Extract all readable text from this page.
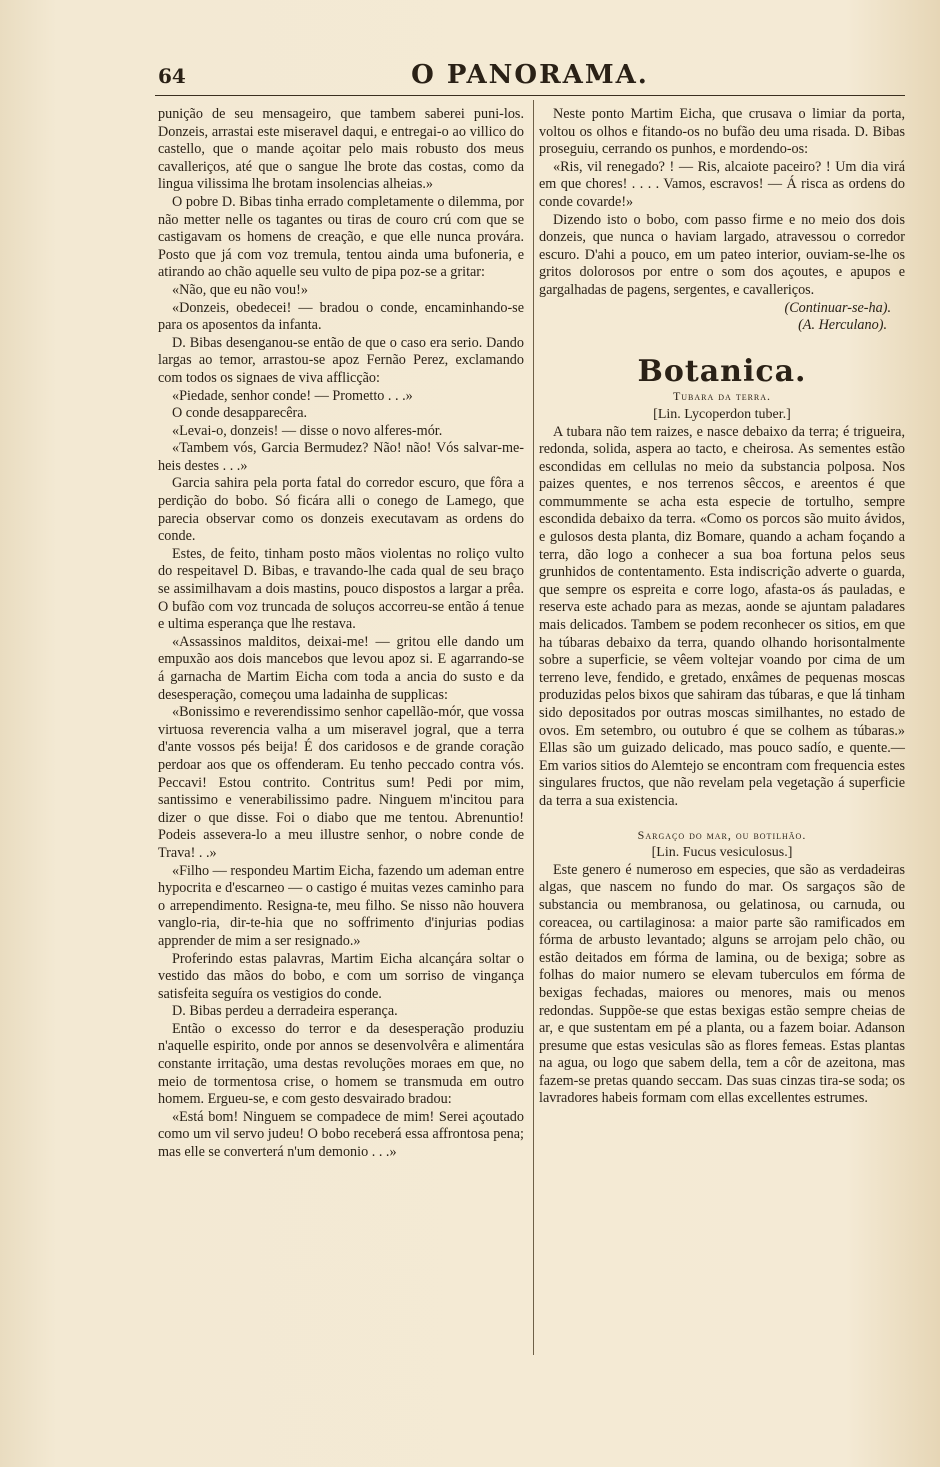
64	O PANORAMA.

punição de seu mensageiro, que tambem saberei puni-los. Donzeis, arrastai este miseravel daqui, e entregai-o ao villico do castello, que o mande açoitar pelo mais robusto dos meus cavalleriços, até que o sangue lhe brote das costas, como da lingua vilissima lhe brotam insolencias alheias.»

O pobre D. Bibas tinha errado completamente o dilemma, por não metter nelle os tagantes ou tiras de couro crú com que se castigavam os homens de creação, e que elle nunca provára. Posto que já com voz tremula, tentou ainda uma bufoneria, e atirando ao chão aquelle seu vulto de pipa poz-se a gritar:

«Não, que eu não vou!»

«Donzeis, obedecei! — bradou o conde, encaminhando-se para os aposentos da infanta.

D. Bibas desenganou-se então de que o caso era serio. Dando largas ao temor, arrastou-se apoz Fernão Perez, exclamando com todos os signaes de viva afflicção:

«Piedade, senhor conde! — Prometto . . .»

O conde desapparecêra.

«Levai-o, donzeis! — disse o novo alferes-mór.

«Tambem vós, Garcia Bermudez? Não! não! Vós salvar-me-heis destes . . .»

Garcia sahira pela porta fatal do corredor escuro, que fôra a perdição do bobo. Só ficára alli o conego de Lamego, que parecia observar como os donzeis executavam as ordens do conde.

Estes, de feito, tinham posto mãos violentas no roliço vulto do respeitavel D. Bibas, e travando-lhe cada qual de seu braço se assimilhavam a dois mastins, pouco dispostos a largar a prêa. O bufão com voz truncada de soluços accorreu-se então á tenue e ultima esperança que lhe restava.

«Assassinos malditos, deixai-me! — gritou elle dando um empuxão aos dois mancebos que levou apoz si. E agarrando-se á garnacha de Martim Eicha com toda a ancia do susto e da desesperação, começou uma ladainha de supplicas:

«Bonissimo e reverendissimo senhor capellão-mór, que vossa virtuosa reverencia valha a um miseravel jogral, que a terra d'ante vossos pés beija! É dos caridosos e de grande coração perdoar aos que os offenderam. Eu tenho peccado contra vós. Peccavi! Estou contrito. Contritus sum! Pedi por mim, santissimo e venerabilissimo padre. Ninguem m'incitou para dizer o que disse. Foi o diabo que me tentou. Abrenuntio! Podeis assevera-lo a meu illustre senhor, o nobre conde de Trava! . .»

«Filho — respondeu Martim Eicha, fazendo um ademan entre hypocrita e d'escarneo — o castigo é muitas vezes caminho para o arrependimento. Resigna-te, meu filho. Se nisso não houvera vanglo-ria, dir-te-hia que no soffrimento d'injurias podias apprender de mim a ser resignado.»

Proferindo estas palavras, Martim Eicha alcançára soltar o vestido das mãos do bobo, e com um sorriso de vingança satisfeita seguíra os vestigios do conde.

D. Bibas perdeu a derradeira esperança.

Então o excesso do terror e da desesperação produziu n'aquelle espirito, onde por annos se desenvolvêra e alimentára constante irritação, uma destas revoluções moraes em que, no meio de tormentosa crise, o homem se transmuda em outro homem. Ergueu-se, e com gesto desvairado bradou:

«Está bom! Ninguem se compadece de mim! Serei açoutado como um vil servo judeu! O bobo receberá essa affrontosa pena; mas elle se converterá n'um demonio . . .»

Neste ponto Martim Eicha, que crusava o limiar da porta, voltou os olhos e fitando-os no bufão deu uma risada. D. Bibas proseguiu, cerrando os punhos, e mordendo-os:

«Ris, vil renegado? ! — Ris, alcaiote paceiro? ! Um dia virá em que chores! . . . . Vamos, escravos! — Á risca as ordens do conde covarde!»

Dizendo isto o bobo, com passo firme e no meio dos dois donzeis, que nunca o haviam largado, atravessou o corredor escuro. D'ahi a pouco, em um pateo interior, ouviam-se-lhe os gritos dolorosos por entre o som dos açoutes, e apupos e gargalhadas de pagens, sergentes, e cavalleriços.

(Continuar-se-ha).

(A. Herculano).

Botanica.
Tubara da terra.
[Lin. Lycoperdon tuber.]

A tubara não tem raizes, e nasce debaixo da terra; é trigueira, redonda, solida, aspera ao tacto, e cheirosa. As sementes estão escondidas em cellulas no meio da substancia polposa. Nos paizes quentes, e nos terrenos sêccos, e areentos é que commummente se acha esta especie de tortulho, sempre escondida debaixo da terra. «Como os porcos são muito ávidos, e gulosos desta planta, diz Bomare, quando a acham foçando a terra, dão logo a conhecer a sua boa fortuna pelos seus grunhidos de contentamento. Esta indiscrição adverte o guarda, que sempre os espreita e corre logo, afasta-os ás pauladas, e reserva este achado para as mezas, aonde se ajuntam paladares mais delicados. Tambem se podem reconhecer os sitios, em que ha túbaras debaixo da terra, quando olhando horisontalmente sobre a superficie, se vêem voltejar voando por cima de um terreno leve, fendido, e gretado, enxâmes de pequenas moscas produzidas pelos bixos que sahiram das túbaras, e que lá tinham sido depositados por outras moscas similhantes, no estado de ovos. Em setembro, ou outubro é que se colhem as túbaras.» Ellas são um guizado delicado, mas pouco sadío, e quente.— Em varios sitios do Alemtejo se encontram com frequencia estes singulares fructos, que não revelam pela vegetação á superficie da terra a sua existencia.

Sargaço do mar, ou botilhão.
[Lin. Fucus vesiculosus.]

Este genero é numeroso em especies, que são as verdadeiras algas, que nascem no fundo do mar. Os sargaços são de substancia ou membranosa, ou gelatinosa, ou carnuda, ou coreacea, ou cartilaginosa: a maior parte são ramificados em fórma de arbusto levantado; alguns se arrojam pelo chão, ou estão deitados em fórma de lamina, ou de bexiga; sobre as folhas do maior numero se elevam tuberculos em fórma de bexigas fechadas, maiores ou menores, mais ou menos redondas. Suppõe-se que estas bexigas estão sempre cheias de ar, e que sustentam em pé a planta, ou a fazem boiar. Adanson presume que estas vesiculas são as flores femeas. Estas plantas na agua, ou logo que sabem della, tem a côr de azeitona, mas fazem-se pretas quando seccam. Das suas cinzas tira-se soda; os lavradores habeis formam com ellas excellentes estrumes.
